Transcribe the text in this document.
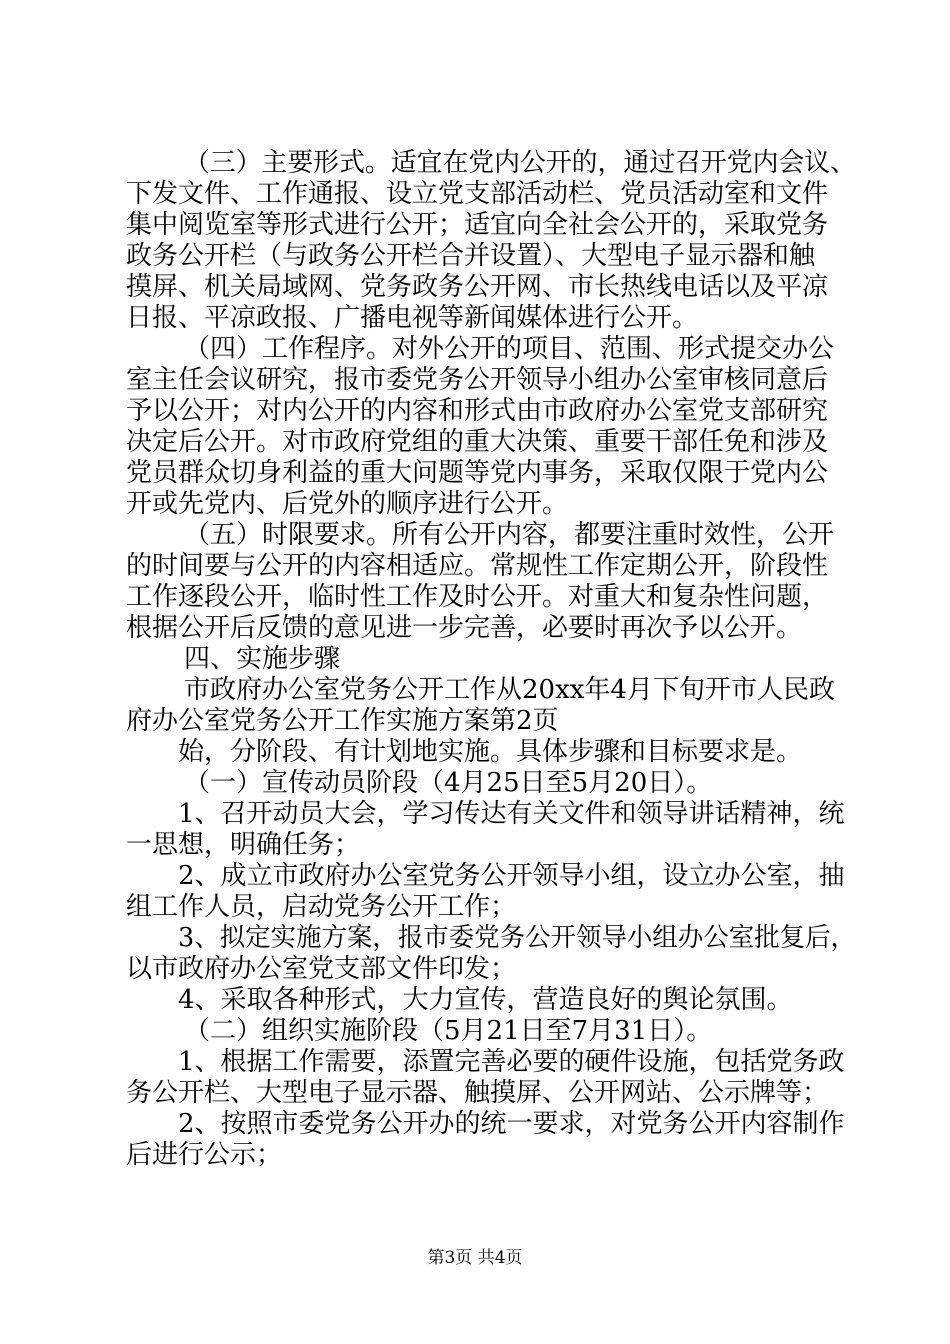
（三）主要形式。适宜在党内公开的，通过召开党内会议、
下发文件、工作通报、设立党支部活动栏、党员活动室和文件
集中阅览室等形式进行公开；适宜向全社会公开的，采取党务
政务公开栏（与政务公开栏合并设置）、大型电子显示器和触
摸屏、机关局域网、党务政务公开网、市长热线电话以及平凉
日报、平凉政报、广播电视等新闻媒体进行公开。
（四）工作程序。对外公开的项目、范围、形式提交办公
室主任会议研究，报市委党务公开领导小组办公室审核同意后
予以公开；对内公开的内容和形式由市政府办公室党支部研究
决定后公开。对市政府党组的重大决策、重要干部任免和涉及
党员群众切身利益的重大问题等党内事务，采取仅限于党内公
开或先党内、后党外的顺序进行公开。
（五）时限要求。所有公开内容，都要注重时效性，公开
的时间要与公开的内容相适应。常规性工作定期公开，阶段性
工作逐段公开，临时性工作及时公开。对重大和复杂性问题，
根据公开后反馈的意见进一步完善，必要时再次予以公开。
四、实施步骤
市政府办公室党务公开工作从20xx年4月下旬开市人民政
府办公室党务公开工作实施方案第2页
始，分阶段、有计划地实施。具体步骤和目标要求是。
（一）宣传动员阶段（4月25日至5月20日）。
1、召开动员大会，学习传达有关文件和领导讲话精神，统
一思想，明确任务；
2、成立市政府办公室党务公开领导小组，设立办公室，抽
组工作人员，启动党务公开工作；
3、拟定实施方案，报市委党务公开领导小组办公室批复后，
以市政府办公室党支部文件印发；
4、采取各种形式，大力宣传，营造良好的舆论氛围。
（二）组织实施阶段（5月21日至7月31日）。
1、根据工作需要，添置完善必要的硬件设施，包括党务政
务公开栏、大型电子显示器、触摸屏、公开网站、公示牌等；
2、按照市委党务公开办的统一要求，对党务公开内容制作
后进行公示；
第3页 共4页
